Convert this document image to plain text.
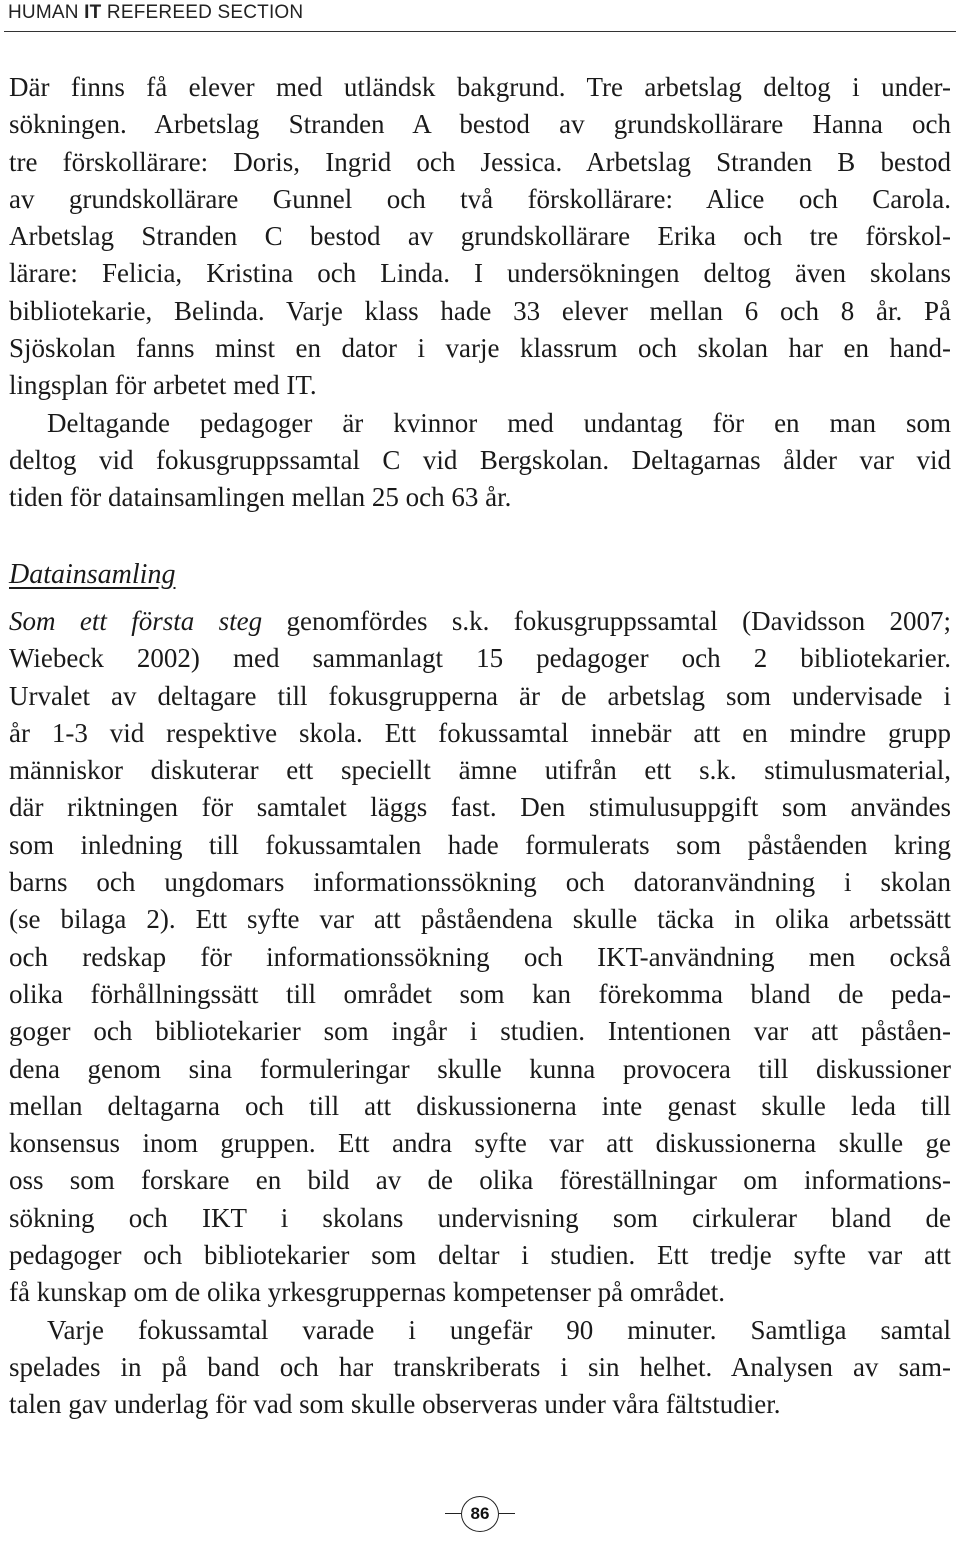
HUMAN IT REFEREED SECTION

Där finns få elever med utländsk bakgrund. Tre arbetslag deltog i under-

sökningen. Arbetslag Stranden A bestod av grundskollärare Hanna och

tre förskollärare: Doris, Ingrid och Jessica. Arbetslag Stranden B bestod

av grundskollärare Gunnel och två förskollärare: Alice och Carola.

Arbetslag Stranden C bestod av grundskollärare Erika och tre förskol-

lärare: Felicia, Kristina och Linda. I undersökningen deltog även skolans

bibliotekarie, Belinda. Varje klass hade 33 elever mellan 6 och 8 år. På

Sjöskolan fanns minst en dator i varje klassrum och skolan har en hand-

lingsplan för arbetet med IT.

Deltagande pedagoger är kvinnor med undantag för en man som

deltog vid fokusgruppssamtal C vid Bergskolan. Deltagarnas ålder var vid

tiden för datainsamlingen mellan 25 och 63 år.

Datainsamling

Som ett första steg genomfördes s.k. fokusgruppssamtal (Davidsson 2007;

Wiebeck 2002) med sammanlagt 15 pedagoger och 2 bibliotekarier.

Urvalet av deltagare till fokusgrupperna är de arbetslag som undervisade i

år 1-3 vid respektive skola. Ett fokussamtal innebär att en mindre grupp

människor diskuterar ett speciellt ämne utifrån ett s.k. stimulusmaterial,

där riktningen för samtalet läggs fast. Den stimulusuppgift som användes

som inledning till fokussamtalen hade formulerats som påståenden kring

barns och ungdomars informationssökning och datoranvändning i skolan

(se bilaga 2). Ett syfte var att påståendena skulle täcka in olika arbetssätt

och redskap för informationssökning och IKT-användning men också

olika förhållningssätt till området som kan förekomma bland de peda-

goger och bibliotekarier som ingår i studien. Intentionen var att påståen-

dena genom sina formuleringar skulle kunna provocera till diskussioner

mellan deltagarna och till att diskussionerna inte genast skulle leda till

konsensus inom gruppen. Ett andra syfte var att diskussionerna skulle ge

oss som forskare en bild av de olika föreställningar om informations-

sökning och IKT i skolans undervisning som cirkulerar bland de

pedagoger och bibliotekarier som deltar i studien. Ett tredje syfte var att

få kunskap om de olika yrkesgruppernas kompetenser på området.

Varje fokussamtal varade i ungefär 90 minuter. Samtliga samtal

spelades in på band och har transkriberats i sin helhet. Analysen av sam-

talen gav underlag för vad som skulle observeras under våra fältstudier.

86
